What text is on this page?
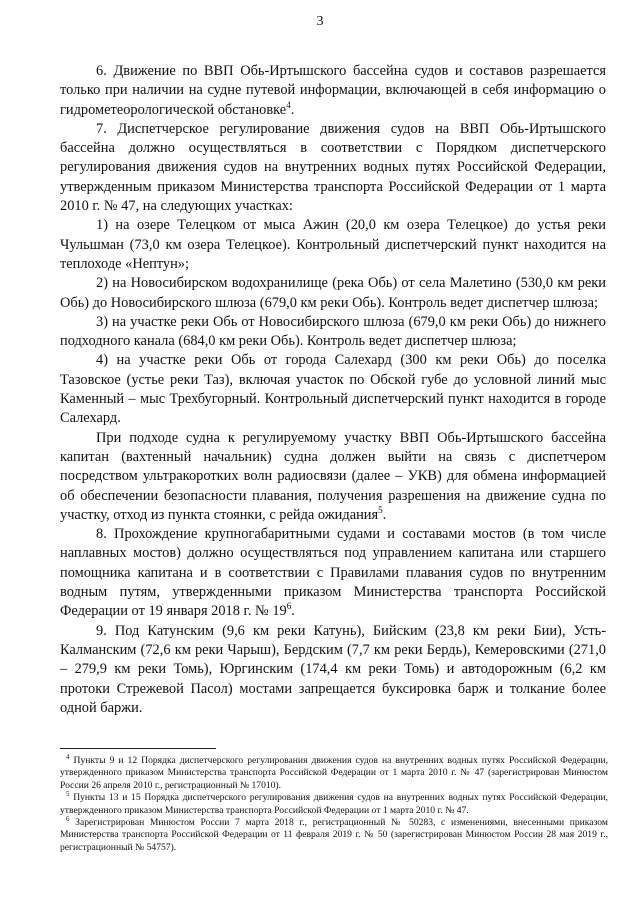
3

6. Движение по ВВП Обь-Иртышского бассейна судов и составов разрешается только при наличии на судне путевой информации, включающей в себя информацию о гидрометеорологической обстановке$^4$.

7. Диспетчерское регулирование движения судов на ВВП Обь-Иртышского бассейна должно осуществляться в соответствии с Порядком диспетчерского регулирования движения судов на внутренних водных путях Российской Федерации, утвержденным приказом Министерства транспорта Российской Федерации от 1 марта 2010 г. № 47, на следующих участках:

1) на озере Телецком от мыса Ажин (20,0 км озера Телецкое) до устья реки Чульшман (73,0 км озера Телецкое). Контрольный диспетчерский пункт находится на теплоходе «Нептун»;

2) на Новосибирском водохранилище (река Обь) от села Малетино (530,0 км реки Обь) до Новосибирского шлюза (679,0 км реки Обь). Контроль ведет диспетчер шлюза;

3) на участке реки Обь от Новосибирского шлюза (679,0 км реки Обь) до нижнего подходного канала (684,0 км реки Обь). Контроль ведет диспетчер шлюза;

4) на участке реки Обь от города Салехард (300 км реки Обь) до поселка Тазовское (устье реки Таз), включая участок по Обской губе до условной линий мыс Каменный – мыс Трехбугорный. Контрольный диспетчерский пункт находится в городе Салехард.

При подходе судна к регулируемому участку ВВП Обь-Иртышского бассейна капитан (вахтенный начальник) судна должен выйти на связь с диспетчером посредством ультракоротких волн радиосвязи (далее – УКВ) для обмена информацией об обеспечении безопасности плавания, получения разрешения на движение судна по участку, отход из пункта стоянки, с рейда ожидания$^5$.

8. Прохождение крупногабаритными судами и составами мостов (в том числе наплавных мостов) должно осуществляться под управлением капитана или старшего помощника капитана и в соответствии с Правилами плавания судов по внутренним водным путям, утвержденными приказом Министерства транспорта Российской Федерации от 19 января 2018 г. № $19^6$.

9. Под Катунским (9,6 км реки Катунь), Бийским (23,8 км реки Бии), Усть-Калманским (72,6 км реки Чарыш), Бердским (7,7 км реки Бердь), Кемеровскими (271,0 – 279,9 км реки Томь), Юргинским (174,4 км реки Томь) и автодорожным (6,2 км протоки Стрежевой Пасол) мостами запрещается буксировка барж и толкание более одной баржи.

$^4$ Пункты 9 и 12 Порядка диспетчерского регулирования движения судов на внутренних водных путях Российской Федерации, утвержденного приказом Министерства транспорта Российской Федерации от 1 марта 2010 г. № 47 (зарегистрирован Минюстом России 26 апреля 2010 г., регистрационный № 17010).

$^5$ Пункты 13 и 15 Порядка диспетчерского регулирования движения судов на внутренних водных путях Российской Федерации, утвержденного приказом Министерства транспорта Российской Федерации от 1 марта 2010 г. № 47.

$^6$ Зарегистрирован Минюстом России 7 марта 2018 г., регистрационный № 50283, с изменениями, внесенными приказом Министерства транспорта Российской Федерации от 11 февраля 2019 г. № 50 (зарегистрирован Минюстом России 28 мая 2019 г., регистрационный № 54757).
